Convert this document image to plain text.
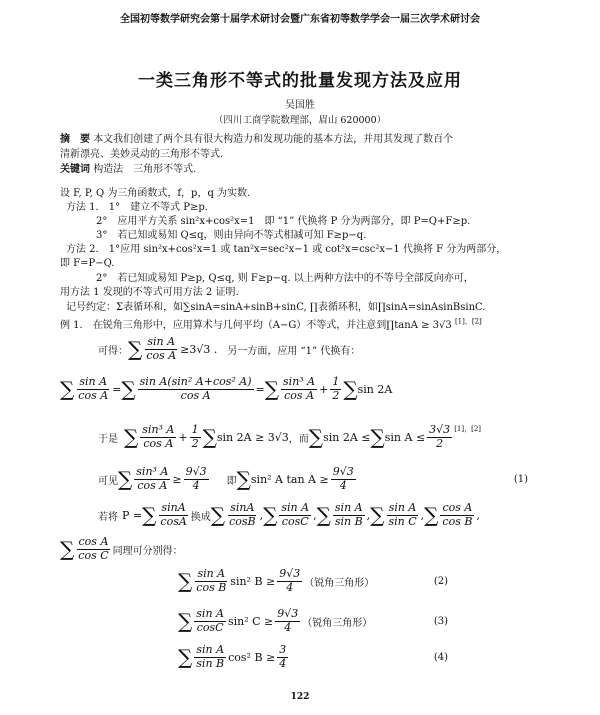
全国初等数学研究会第十届学术研讨会暨广东省初等数学学会一届三次学术研讨会
一类三角形不等式的批量发现方法及应用
吴国胜
（四川工商学院数理部，眉山 620000）
摘　要 本文我们创建了两个具有很大构造力和发现功能的基本方法，并用其发现了数百个
清新漂亮、美妙灵动的三角形不等式.
关键词 构造法　三角形不等式.
设 F, P, Q 为三角函数式，f，p，q 为实数.
方法 1.　1°　建立不等式 P≥p.
2°　应用平方关系 sin²x+cos²x=1　即 “1” 代换将 P 分为两部分，即 P=Q+F≥p.
3°　若已知或易知 Q≤q，则由异向不等式相减可知 F≥p−q.
方法 2.　1°应用 sin²x+cos²x=1 或 tan²x=sec²x−1 或 cot²x=csc²x−1 代换将 F 分为两部分，
即 F=P−Q.
2°　若已知或易知 P≥p, Q≤q, 则 F≥p−q. 以上两种方法中的不等号全部反向亦可，
用方法 1 发现的不等式可用方法 2 证明.
记号约定：Σ表循环和，如∑sinA=sinA+sinB+sinC, ∏表循环积，如∏sinA=sinAsinBsinC.
例 1.　在锐角三角形中，应用算术与几何平均（A−G）不等式，并注意到∏tanA ≥ 3√3 [1]，[2]
可得： ∑ $\frac{\text{sin A}}{\text{cos A}} \ge 3√3$ . 另一方面，应用 “1” 代换有：
∑ $\frac{\text{sin A}}{\text{cos A}}$ = ∑ $\frac{\text{sin A(sin² A+cos² A)}}{\text{cos A}}$ = ∑ $\frac{\text{sin³ A}}{\text{cos A}} + \frac{1}{2}$ ∑ sin 2A
于是 ∑ $\frac{\text{sin³ A}}{\text{cos A}} + \frac{1}{2}$ ∑ sin 2A ≥ 3√3 ，而 ∑ sin 2A ≤ ∑ $\sin A \le \frac{3√3}{2} [1],[2]$
可见 ∑ $\frac{\text{sin³ A}}{\text{cos A}} \ge \frac{9√3}{4}$ 即 ∑ sin² A $\tan A \ge \frac{9√3}{4}$	(1)
若将 P = ∑ $\frac{\sin A}{\cos A}$ 换成 ∑ $\frac{\sin A}{\cos B}$ , ∑ $\frac{\text{sin A}}{\cos C}$ , ∑ $\frac{\text{sin A}}{\text{sin B}}$ , ∑ $\frac{\text{sin A}}{\text{sin C}}$ , ∑ $\frac{\text{cos A}}{\text{cos B}}$ ,
∑ $\frac{\text{cos A}}{\text{cos C}}$ 同理可分别得：
∑ $\frac{\text{sin A}}{\text{cos B}} \sin^2$ $B \ge \frac{9√3}{4}$ （锐角三角形）	(2)
∑ $\frac{\text{sin A}}{\cos C} \sin^2$ $C \ge \frac{9√3}{4}$ （锐角三角形）	(3)
∑ $\frac{\text{sin A}}{\text{sin B}} \cos^2$ $B \ge \frac{3}{4}$	(4)
122
